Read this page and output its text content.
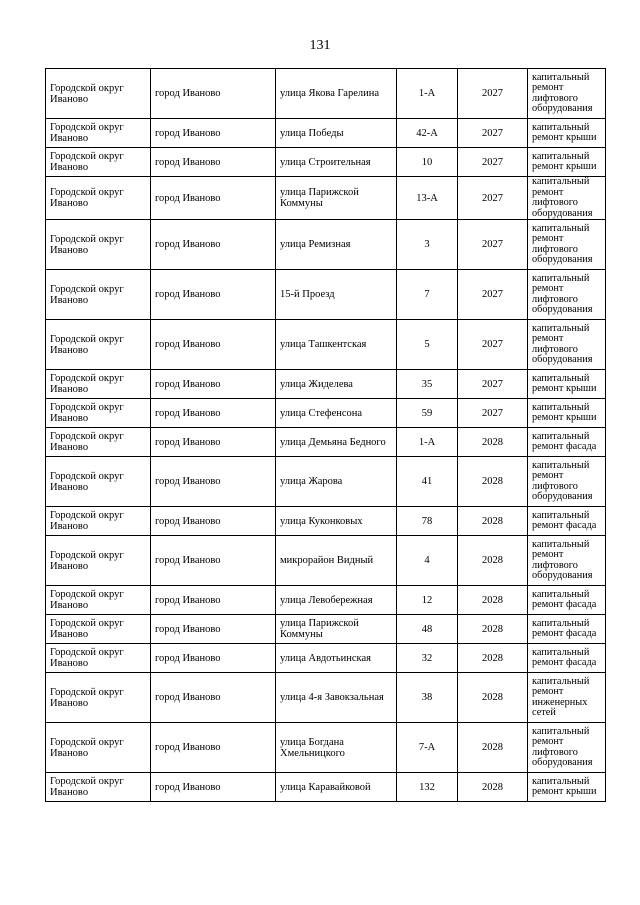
131
Городской округ Иваново	город Иваново	улица Якова Гарелина	1-А	2027	капитальный ремонт лифтового оборудования
Городской округ Иваново	город Иваново	улица Победы	42-А	2027	капитальный ремонт крыши
Городской округ Иваново	город Иваново	улица Строительная	10	2027	капитальный ремонт крыши
Городской округ Иваново	город Иваново	улица Парижской Коммуны	13-А	2027	капитальный ремонт лифтового оборудования
Городской округ Иваново	город Иваново	улица Ремизная	3	2027	капитальный ремонт лифтового оборудования
Городской округ Иваново	город Иваново	15-й Проезд	7	2027	капитальный ремонт лифтового оборудования
Городской округ Иваново	город Иваново	улица Ташкентская	5	2027	капитальный ремонт лифтового оборудования
Городской округ Иваново	город Иваново	улица Жиделева	35	2027	капитальный ремонт крыши
Городской округ Иваново	город Иваново	улица Стефенсона	59	2027	капитальный ремонт крыши
Городской округ Иваново	город Иваново	улица Демьяна Бедного	1-А	2028	капитальный ремонт фасада
Городской округ Иваново	город Иваново	улица Жарова	41	2028	капитальный ремонт лифтового оборудования
Городской округ Иваново	город Иваново	улица Куконковых	78	2028	капитальный ремонт фасада
Городской округ Иваново	город Иваново	микрорайон Видный	4	2028	капитальный ремонт лифтового оборудования
Городской округ Иваново	город Иваново	улица Левобережная	12	2028	капитальный ремонт фасада
Городской округ Иваново	город Иваново	улица Парижской Коммуны	48	2028	капитальный ремонт фасада
Городской округ Иваново	город Иваново	улица Авдотьинская	32	2028	капитальный ремонт фасада
Городской округ Иваново	город Иваново	улица 4-я Завокзальная	38	2028	капитальный ремонт инженерных сетей
Городской округ Иваново	город Иваново	улица Богдана Хмельницкого	7-А	2028	капитальный ремонт лифтового оборудования
Городской округ Иваново	город Иваново	улица Каравайковой	132	2028	капитальный ремонт крыши
